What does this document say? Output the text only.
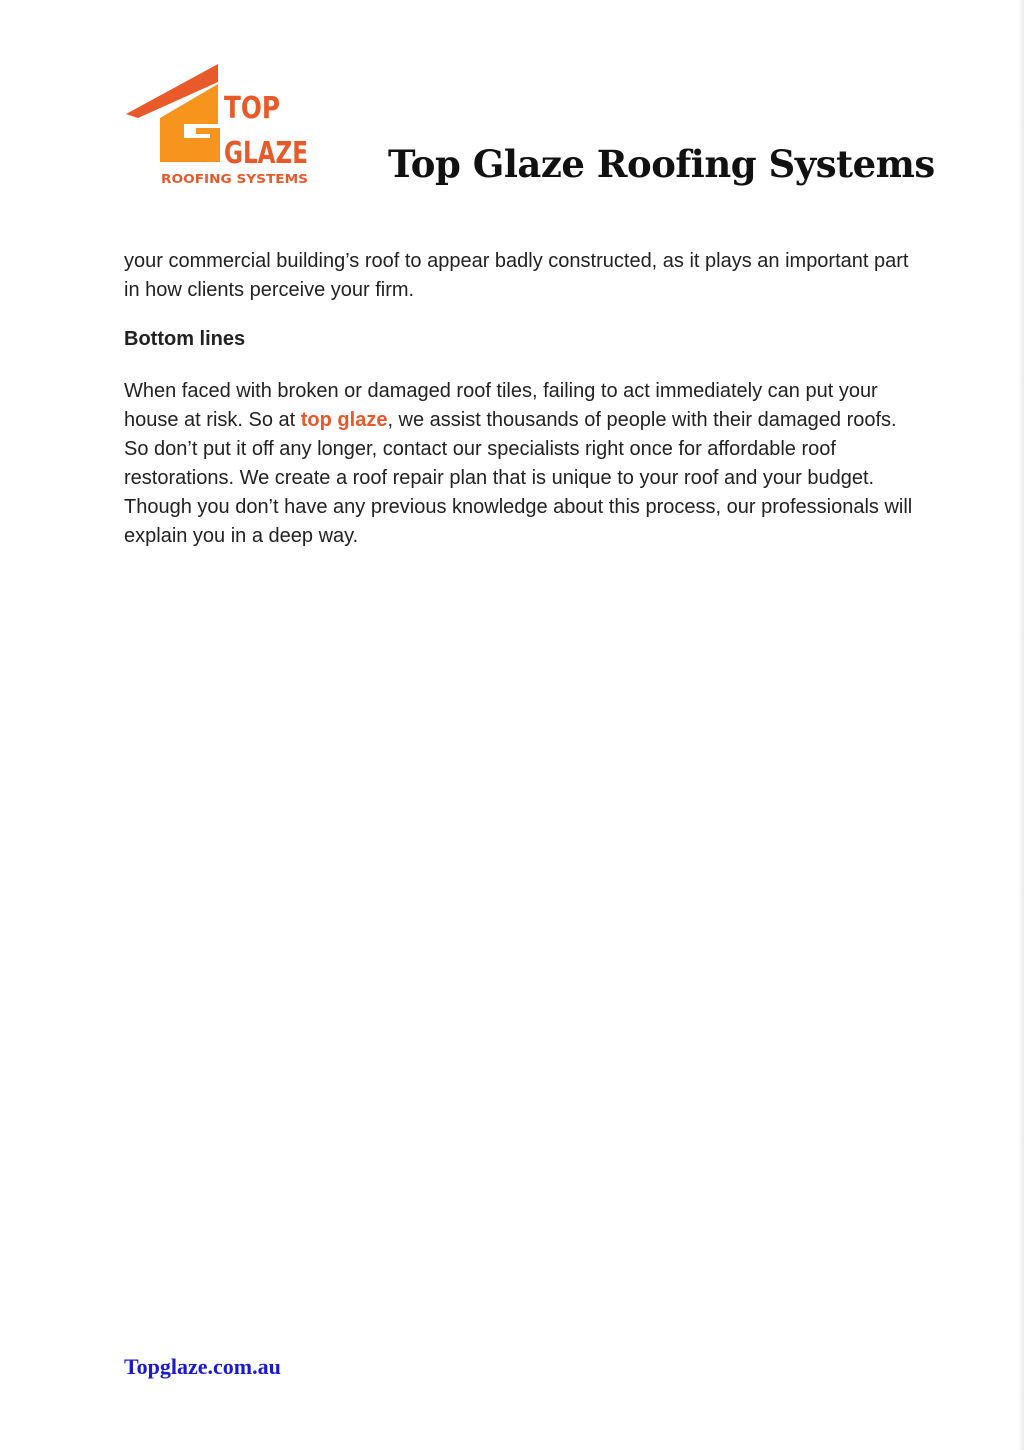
TOP
GLAZE
ROOFING SYSTEMS Top Glaze Roofing Systems

your commercial building’s roof to appear badly constructed, as it plays an important part in how clients perceive your firm.

Bottom lines

When faced with broken or damaged roof tiles, failing to act immediately can put your house at risk. So at top glaze, we assist thousands of people with their damaged roofs. So don’t put it off any longer, contact our specialists right once for affordable roof restorations. We create a roof repair plan that is unique to your roof and your budget. Though you don’t have any previous knowledge about this process, our professionals will explain you in a deep way.

Topglaze.com.au
